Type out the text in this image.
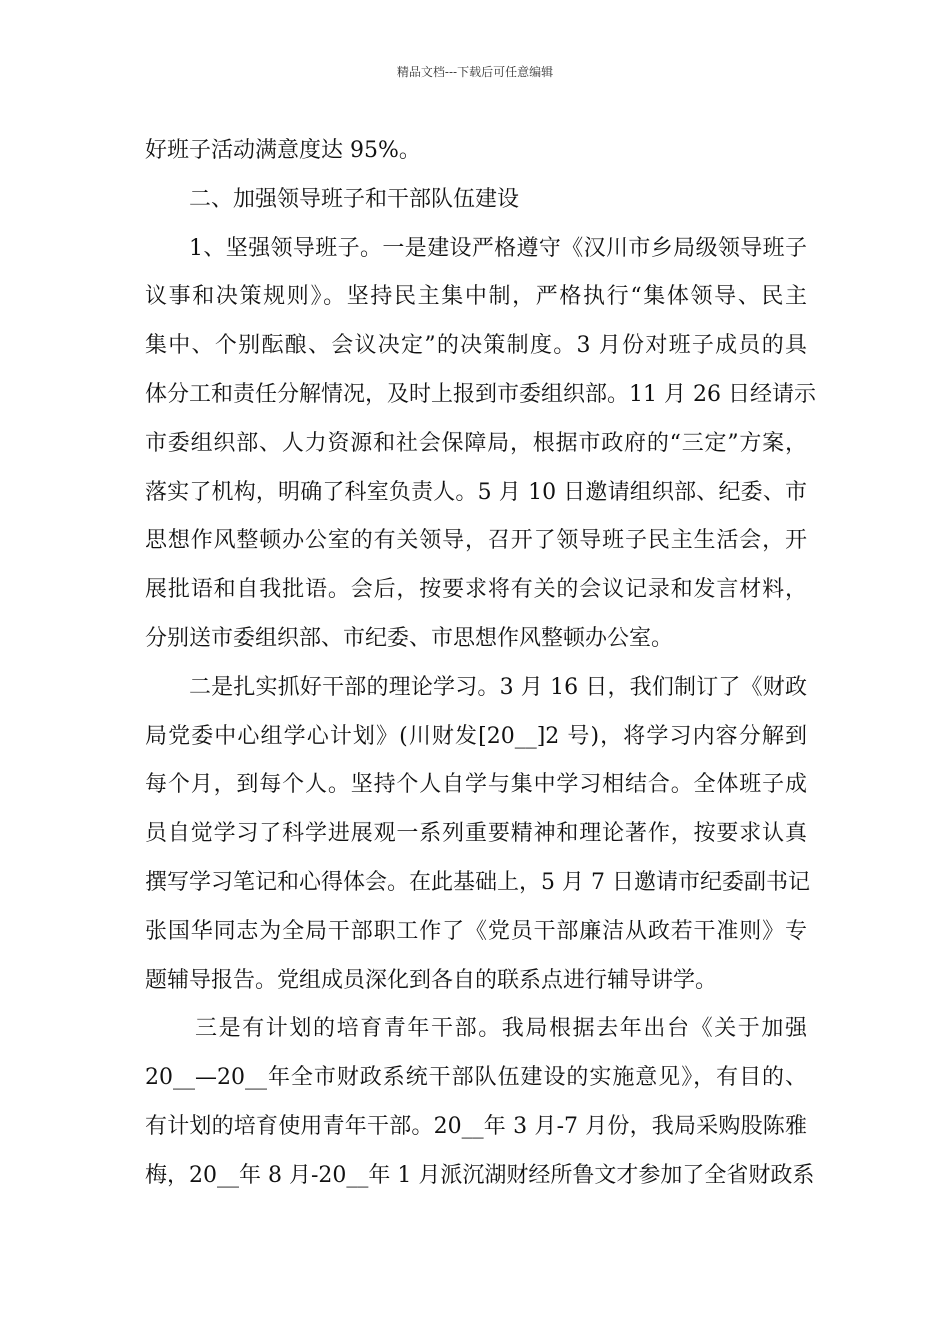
精品文档---下载后可任意编辑
好班子活动满意度达 95%。
二、加强领导班子和干部队伍建设
1、坚强领导班子。一是建设严格遵守《汉川市乡局级领导班子
议事和决策规则》。坚持民主集中制，严格执行“集体领导、民主
集中、个别酝酿、会议决定”的决策制度。3 月份对班子成员的具
体分工和责任分解情况，及时上报到市委组织部。11 月 26 日经请示
市委组织部、人力资源和社会保障局，根据市政府的“三定”方案，
落实了机构，明确了科室负责人。5 月 10 日邀请组织部、纪委、市
思想作风整顿办公室的有关领导，召开了领导班子民主生活会，开
展批语和自我批语。会后，按要求将有关的会议记录和发言材料，
分别送市委组织部、市纪委、市思想作风整顿办公室。
二是扎实抓好干部的理论学习。3 月 16 日，我们制订了《财政
局党委中心组学心计划》(川财发[20__]2 号)，将学习内容分解到
每个月，到每个人。坚持个人自学与集中学习相结合。全体班子成
员自觉学习了科学进展观一系列重要精神和理论著作，按要求认真
撰写学习笔记和心得体会。在此基础上，5 月 7 日邀请市纪委副书记
张国华同志为全局干部职工作了《党员干部廉洁从政若干准则》专
题辅导报告。党组成员深化到各自的联系点进行辅导讲学。
三是有计划的培育青年干部。我局根据去年出台《关于加强
20__—20__年全市财政系统干部队伍建设的实施意见》，有目的、
有计划的培育使用青年干部。20__年 3 月-7 月份，我局采购股陈雅
梅，20__年 8 月-20__年 1 月派沉湖财经所鲁文才参加了全省财政系
